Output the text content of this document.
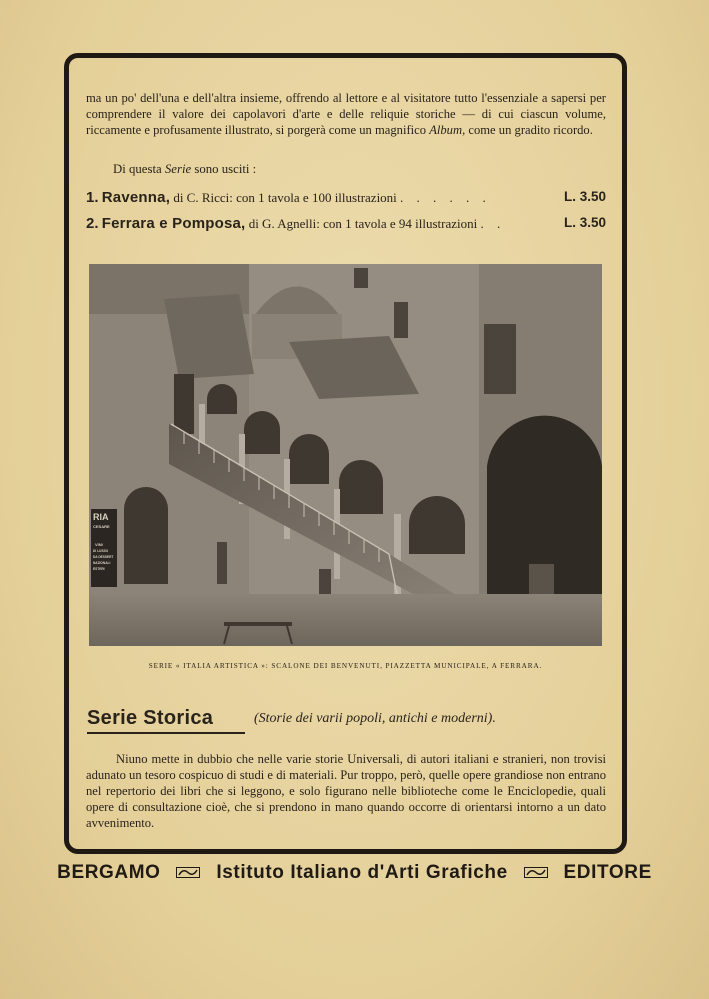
ma un po' dell'una e dell'altra insieme, offrendo al lettore e al visitatore tutto l'essenziale a sapersi per comprendere il valore dei capolavori d'arte e delle reliquie storiche — di cui ciascun volume, riccamente e profusamente illustrato, si porgerà come un magnifico Album, come un gradito ricordo.
Di questa Serie sono usciti :
1. Ravenna, di C. Ricci: con 1 tavola e 100 illustrazioni . . . . . .	L. 3.50
2. Ferrara e Pomposa, di G. Agnelli: con 1 tavola e 94 illustrazioni . .	L. 3.50
RIA
CESARE
VINI
DI LUSSO
DA DESSERT
NAZIONALI
ESTERI
SERIE « ITALIA ARTISTICA »: SCALONE DEI BENVENUTI, PIAZZETTA MUNICIPALE, A FERRARA.
Serie Storica	(Storie dei varii popoli, antichi e moderni).
Niuno mette in dubbio che nelle varie storie Universali, di autori italiani e stranieri, non trovisi adunato un tesoro cospicuo di studi e di materiali. Pur troppo, però, quelle opere grandiose non entrano nel repertorio dei libri che si leggono, e solo figurano nelle biblioteche come le Enciclopedie, quali opere di consultazione cioè, che si prendono in mano quando occorre di orientarsi intorno a un dato avvenimento.
BERGAMO	Istituto Italiano d'Arti Grafiche	EDITORE
